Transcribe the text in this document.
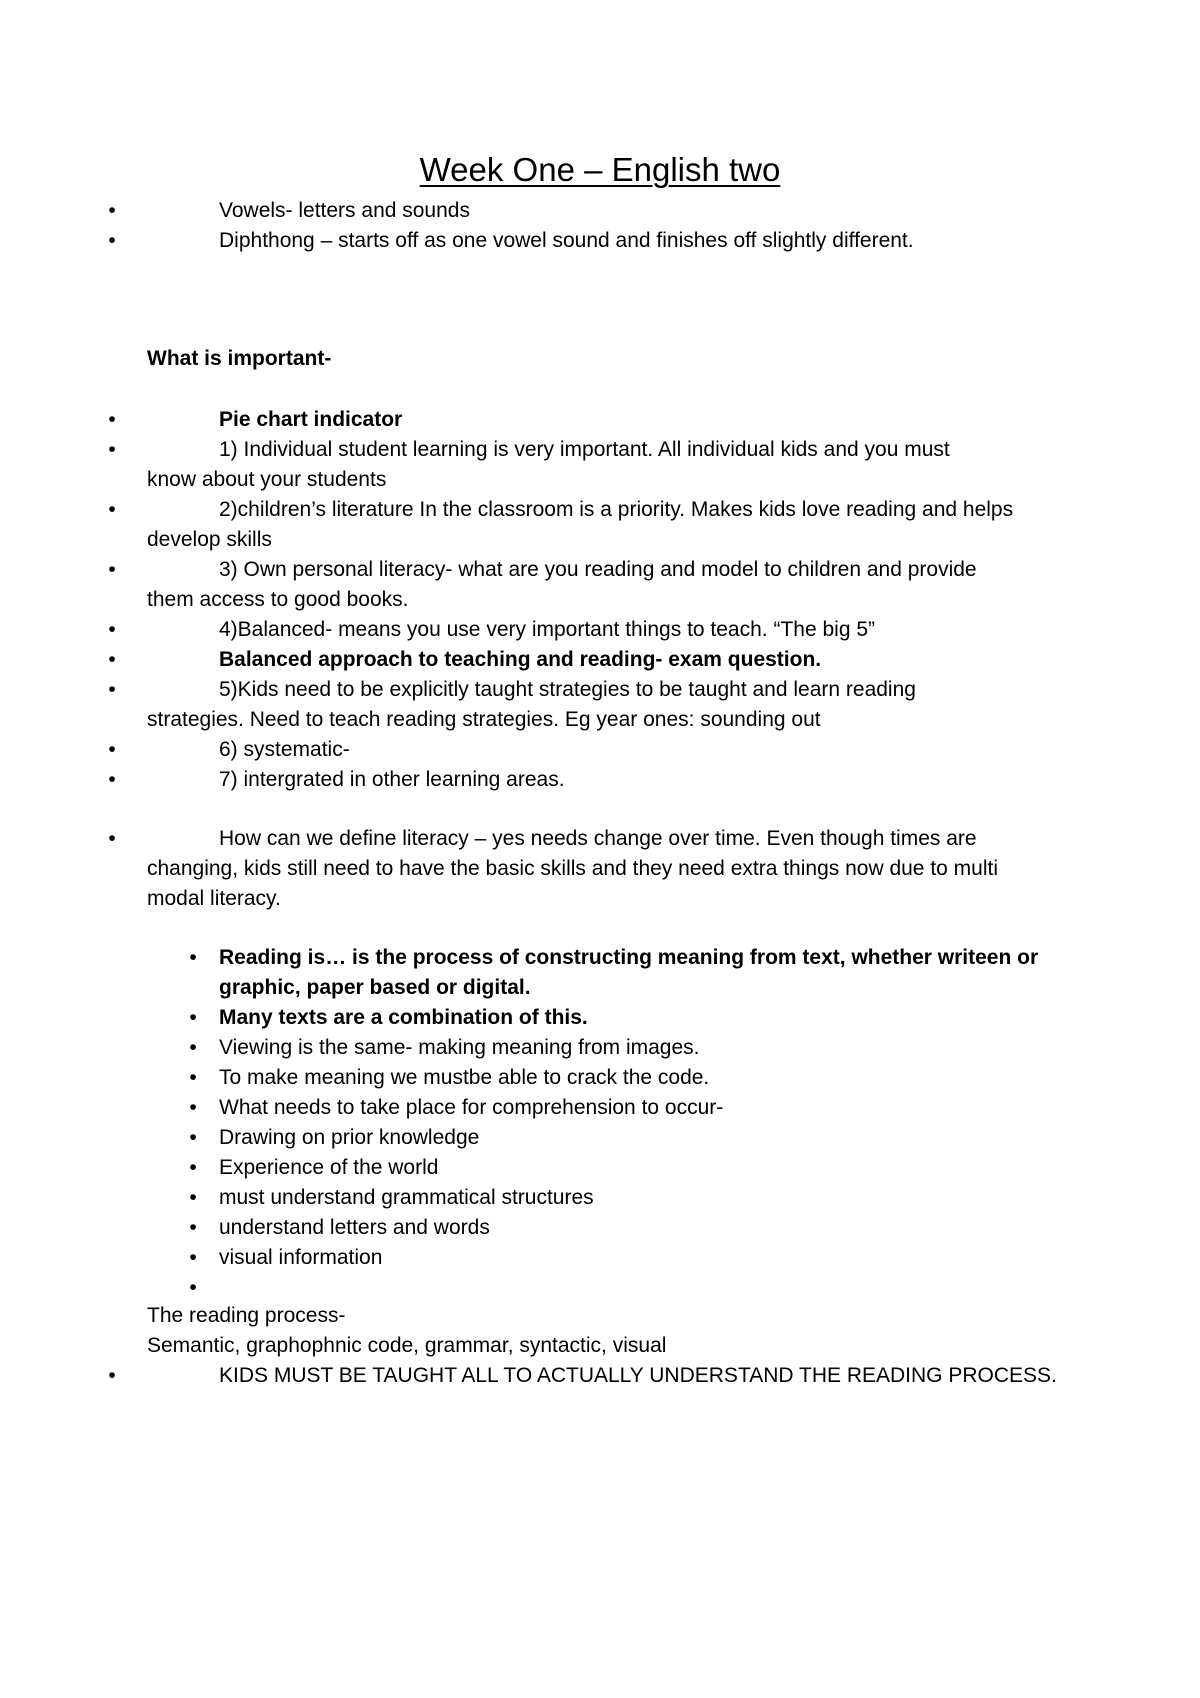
Week One – English two
•	Vowels- letters and sounds
•	Diphthong – starts off as one vowel sound and finishes off slightly different.
What is important-
•	Pie chart indicator
•	1) Individual student learning is very important. All individual kids and you must
know about your students
•	2)children’s literature In the classroom is a priority. Makes kids love reading and helps
develop skills
•	3) Own personal literacy- what are you reading and model to children and provide
them access to good books.
•	4)Balanced- means you use very important things to teach. “The big 5”
•	Balanced approach to teaching and reading- exam question.
•	5)Kids need to be explicitly taught strategies to be taught and learn reading
strategies. Need to teach reading strategies. Eg year ones: sounding out
•	6) systematic-
•	7) intergrated in other learning areas.
•	How can we define literacy – yes needs change over time. Even though times are
changing, kids still need to have the basic skills and they need extra things now due to multi
modal literacy.
• Reading is… is the process of constructing meaning from text, whether writeen or
graphic, paper based or digital.
• Many texts are a combination of this.
• Viewing is the same- making meaning from images.
• To make meaning we mustbe able to crack the code.
• What needs to take place for comprehension to occur-
• Drawing on prior knowledge
• Experience of the world
• must understand grammatical structures
• understand letters and words
• visual information
•
The reading process-
Semantic, graphophnic code, grammar, syntactic, visual
•	KIDS MUST BE TAUGHT ALL TO ACTUALLY UNDERSTAND THE READING PROCESS.
